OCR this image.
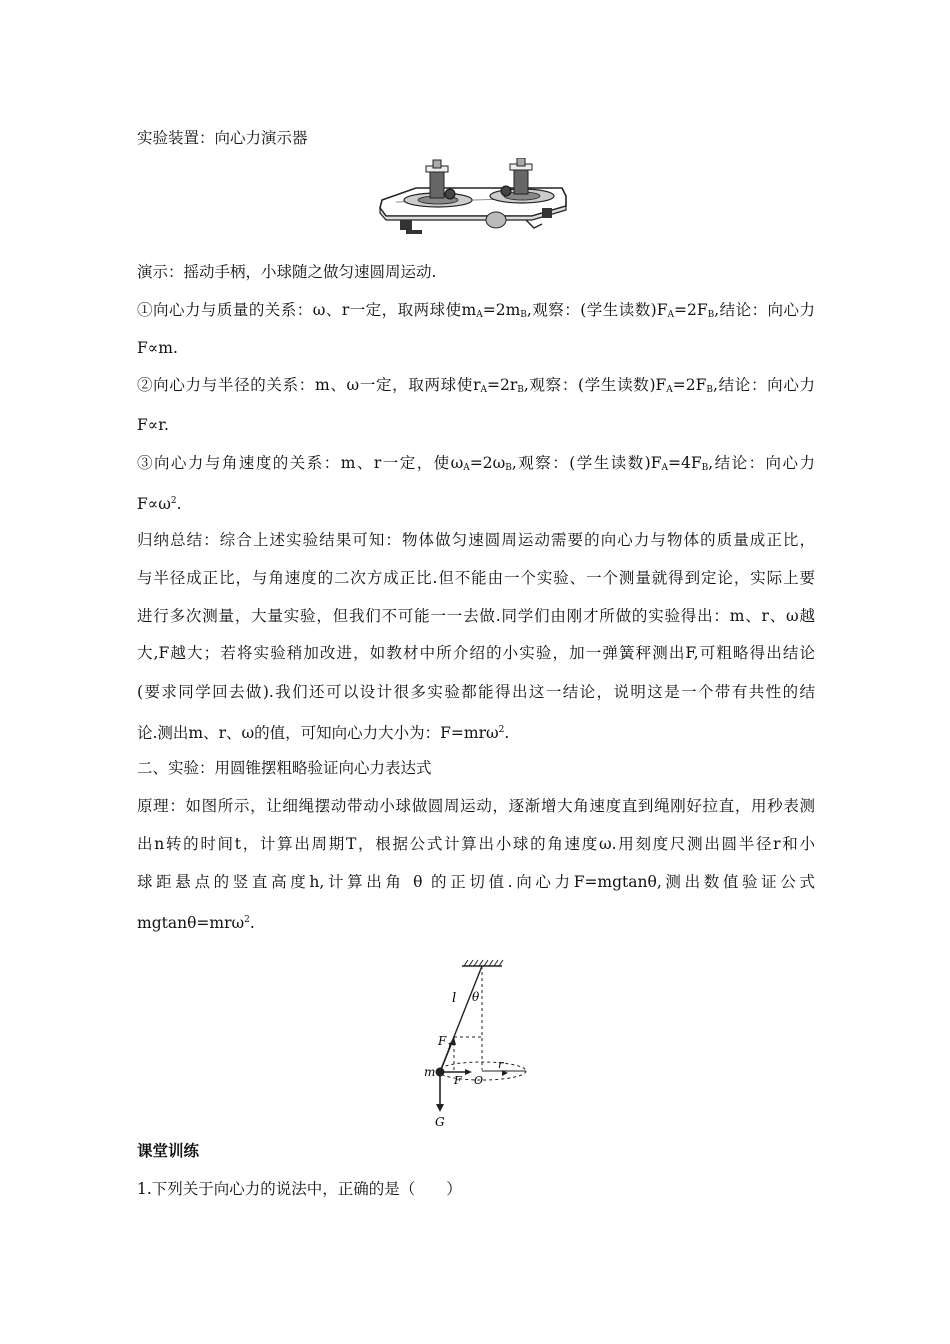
实验装置：向心力演示器
演示：摇动手柄，小球随之做匀速圆周运动.
①向心力与质量的关系：ω、r一定，取两球使$m_A=2m_B$,观察：(学生读数)$F_A=2F_B$,结论：向心力
F∝m.
②向心力与半径的关系：m、ω一定，取两球使$r_A=2r_B$,观察：(学生读数)$F_A=2F_B$,结论：向心力
F∝r.
③向心力与角速度的关系：m、r一定，使$\omega_A=2\omega_B$,观察：(学生读数)$F_A=4F_B$,结论：向心力
$F\propto\omega^2$.
归纳总结：综合上述实验结果可知：物体做匀速圆周运动需要的向心力与物体的质量成正比，
与半径成正比，与角速度的二次方成正比.但不能由一个实验、一个测量就得到定论，实际上要
进行多次测量，大量实验，但我们不可能一一去做.同学们由刚才所做的实验得出：m、r、ω越
大,F越大；若将实验稍加改进，如教材中所介绍的小实验，加一弹簧秤测出F,可粗略得出结论
(要求同学回去做).我们还可以设计很多实验都能得出这一结论，说明这是一个带有共性的结
论.测出m、r、ω的值，可知向心力大小为：F=mrω$^2$.
二、实验：用圆锥摆粗略验证向心力表达式
原理：如图所示，让细绳摆动带动小球做圆周运动，逐渐增大角速度直到绳刚好拉直，用秒表测
出n转的时间t，计算出周期T，根据公式计算出小球的角速度ω.用刻度尺测出圆半径r和小
球距悬点的竖直高度h,计算出角 θ 的正切值.向心力F=mgtanθ,测出数值验证公式
mgtanθ=mrω$^2$.
l θ
F 1
m
F O
r
G
课堂训练
1.下列关于向心力的说法中，正确的是（　　）
